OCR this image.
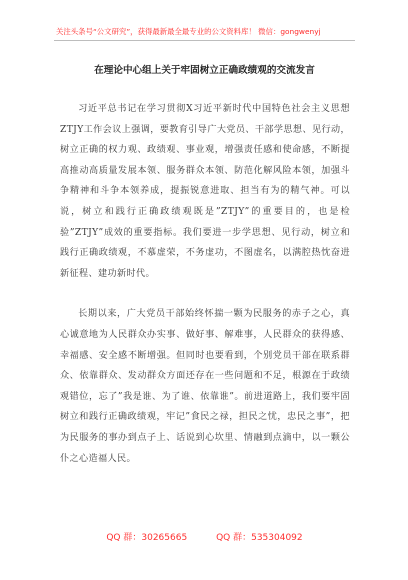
关注头条号“公文研究”，获得最新最全最专业的公文资料库！ 微信：gongwenyj
在理论中心组上关于牢固树立正确政绩观的交流发言

习近平总书记在学习贯彻X习近平新时代中国特色社会主义思想ZTJY工作会议上强调，要教育引导广大党员、干部学思想、见行动，树立正确的权力观、政绩观、事业观，增强责任感和使命感，不断提高推动高质量发展本领、服务群众本领、防范化解风险本领，加强斗争精神和斗争本领养成，提振锐意进取、担当有为的精气神。可以说，树立和践行正确政绩观既是”ZTJY”的重要目的，也是检验”ZTJY”成效的重要指标。我们要进一步学思想、见行动，树立和践行正确政绩观，不慕虚荣，不务虚功，不图虚名，以满腔热忱奋进新征程、建功新时代。

长期以来，广大党员干部始终怀揣一颗为民服务的赤子之心，真心诚意地为人民群众办实事、做好事、解难事，人民群众的获得感、幸福感、安全感不断增强。但同时也要看到，个别党员干部在联系群众、依靠群众、发动群众方面还存在一些问题和不足，根源在于政绩观错位，忘了”我是谁、为了谁、依靠谁”。前进道路上，我们要牢固树立和践行正确政绩观，牢记”食民之禄，担民之忧，忠民之事”，把为民服务的事办到点子上、话说到心坎里、情融到点滴中，以一颗公仆之心造福人民。

QQ 群：30265665	QQ 群：535304092
